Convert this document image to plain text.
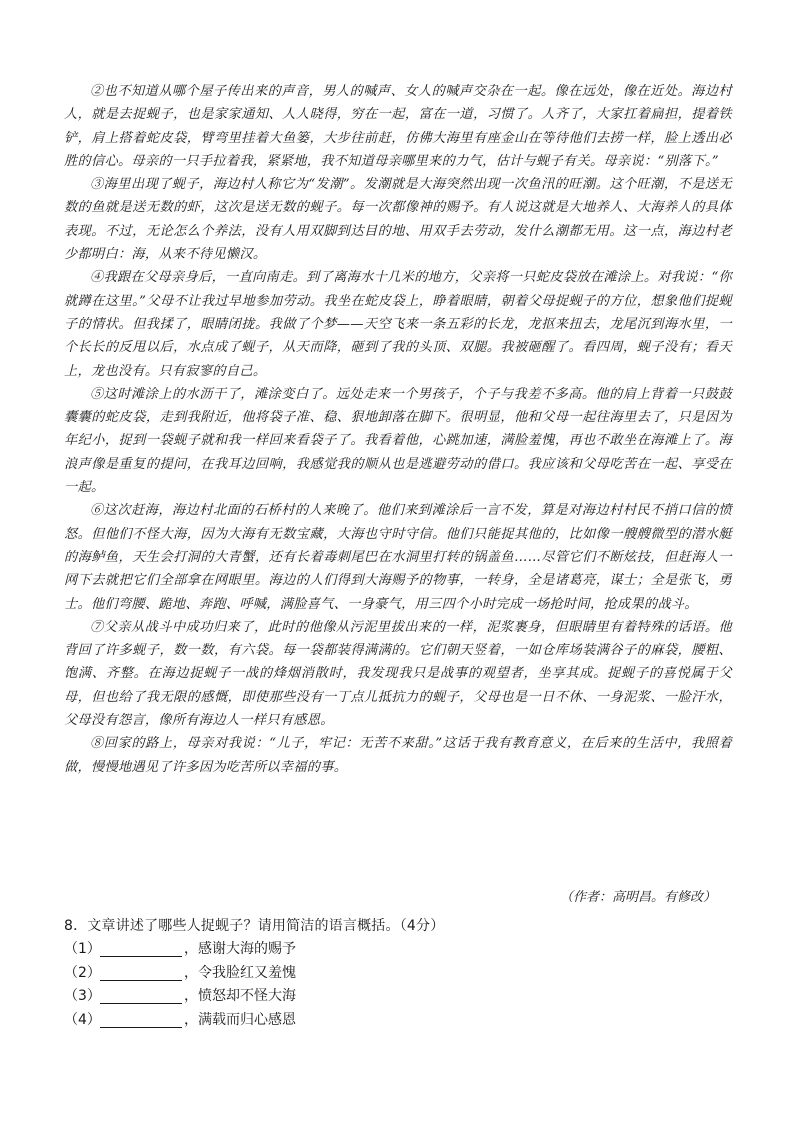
②也不知道从哪个屋子传出来的声音，男人的喊声、女人的喊声交杂在一起。像在远处，像在近处。海边村人，就是去捉蚬子，也是家家通知、人人晓得，穷在一起，富在一道，习惯了。人齐了，大家扛着扁担，提着铁铲，肩上搭着蛇皮袋，臂弯里挂着大鱼篓，大步往前赶，仿佛大海里有座金山在等待他们去捞一样，脸上透出必胜的信心。母亲的一只手拉着我，紧紧地，我不知道母亲哪里来的力气，估计与蚬子有关。母亲说：“别落下。”

③海里出现了蚬子，海边村人称它为“发潮”。发潮就是大海突然出现一次鱼汛的旺潮。这个旺潮，不是送无数的鱼就是送无数的虾，这次是送无数的蚬子。每一次都像神的赐予。有人说这就是大地养人、大海养人的具体表现。不过，无论怎么个养法，没有人用双脚到达目的地、用双手去劳动，发什么潮都无用。这一点，海边村老少都明白：海，从来不待见懒汉。

④我跟在父母亲身后，一直向南走。到了离海水十几米的地方，父亲将一只蛇皮袋放在滩涂上。对我说：“你就蹲在这里。”父母不让我过早地参加劳动。我坐在蛇皮袋上，睁着眼睛，朝着父母捉蚬子的方位，想象他们捉蚬子的情状。但我揉了，眼睛闭拢。我做了个梦——天空飞来一条五彩的长龙，龙抠来扭去，龙尾沉到海水里，一个长长的反甩以后，水点成了蚬子，从天而降，砸到了我的头顶、双腿。我被砸醒了。看四周，蚬子没有；看天上，龙也没有。只有寂寥的自己。

⑤这时滩涂上的水沥干了，滩涂变白了。远处走来一个男孩子，个子与我差不多高。他的肩上背着一只鼓鼓囊囊的蛇皮袋，走到我附近，他将袋子准、稳、狠地卸落在脚下。很明显，他和父母一起往海里去了，只是因为年纪小，捉到一袋蚬子就和我一样回来看袋子了。我看着他，心跳加速，满脸羞愧，再也不敢坐在海滩上了。海浪声像是重复的提问，在我耳边回响，我感觉我的顺从也是逃避劳动的借口。我应该和父母吃苦在一起、享受在一起。

⑥这次赶海，海边村北面的石桥村的人来晚了。他们来到滩涂后一言不发，算是对海边村村民不捎口信的愤怒。但他们不怪大海，因为大海有无数宝藏，大海也守时守信。他们只能捉其他的，比如像一艘艘微型的潜水艇的海鲈鱼，天生会打洞的大青蟹，还有长着毒刺尾巴在水洞里打转的锅盖鱼……尽管它们不断炫技，但赶海人一网下去就把它们全部拿在网眼里。海边的人们得到大海赐予的物事，一转身，全是诸葛亮，谋士；全是张飞，勇士。他们弯腰、跪地、奔跑、呼喊，满脸喜气、一身豪气，用三四个小时完成一场抢时间，抢成果的战斗。

⑦父亲从战斗中成功归来了，此时的他像从污泥里拔出来的一样，泥浆裹身，但眼睛里有着特殊的话语。他背回了许多蚬子，数一数，有六袋。每一袋都装得满满的。它们朝天竖着，一如仓库场装满谷子的麻袋，腰粗、饱满、齐整。在海边捉蚬子一战的烽烟消散时，我发现我只是战事的观望者，坐享其成。捉蚬子的喜悦属于父母，但也给了我无限的感慨，即使那些没有一丁点儿抵抗力的蚬子，父母也是一日不休、一身泥浆、一脸汗水，父母没有怨言，像所有海边人一样只有感恩。

⑧回家的路上，母亲对我说：“儿子，牢记：无苦不来甜。”这话于我有教育意义，在后来的生活中，我照着做，慢慢地遇见了许多因为吃苦所以幸福的事。

（作者：高明昌。有修改）
8．文章讲述了哪些人捉蚬子？请用简洁的语言概括。（4分）
（1）	，感谢大海的赐予
（2）	，令我脸红又羞愧
（3）	，愤怒却不怪大海
（4）	，满载而归心感恩
